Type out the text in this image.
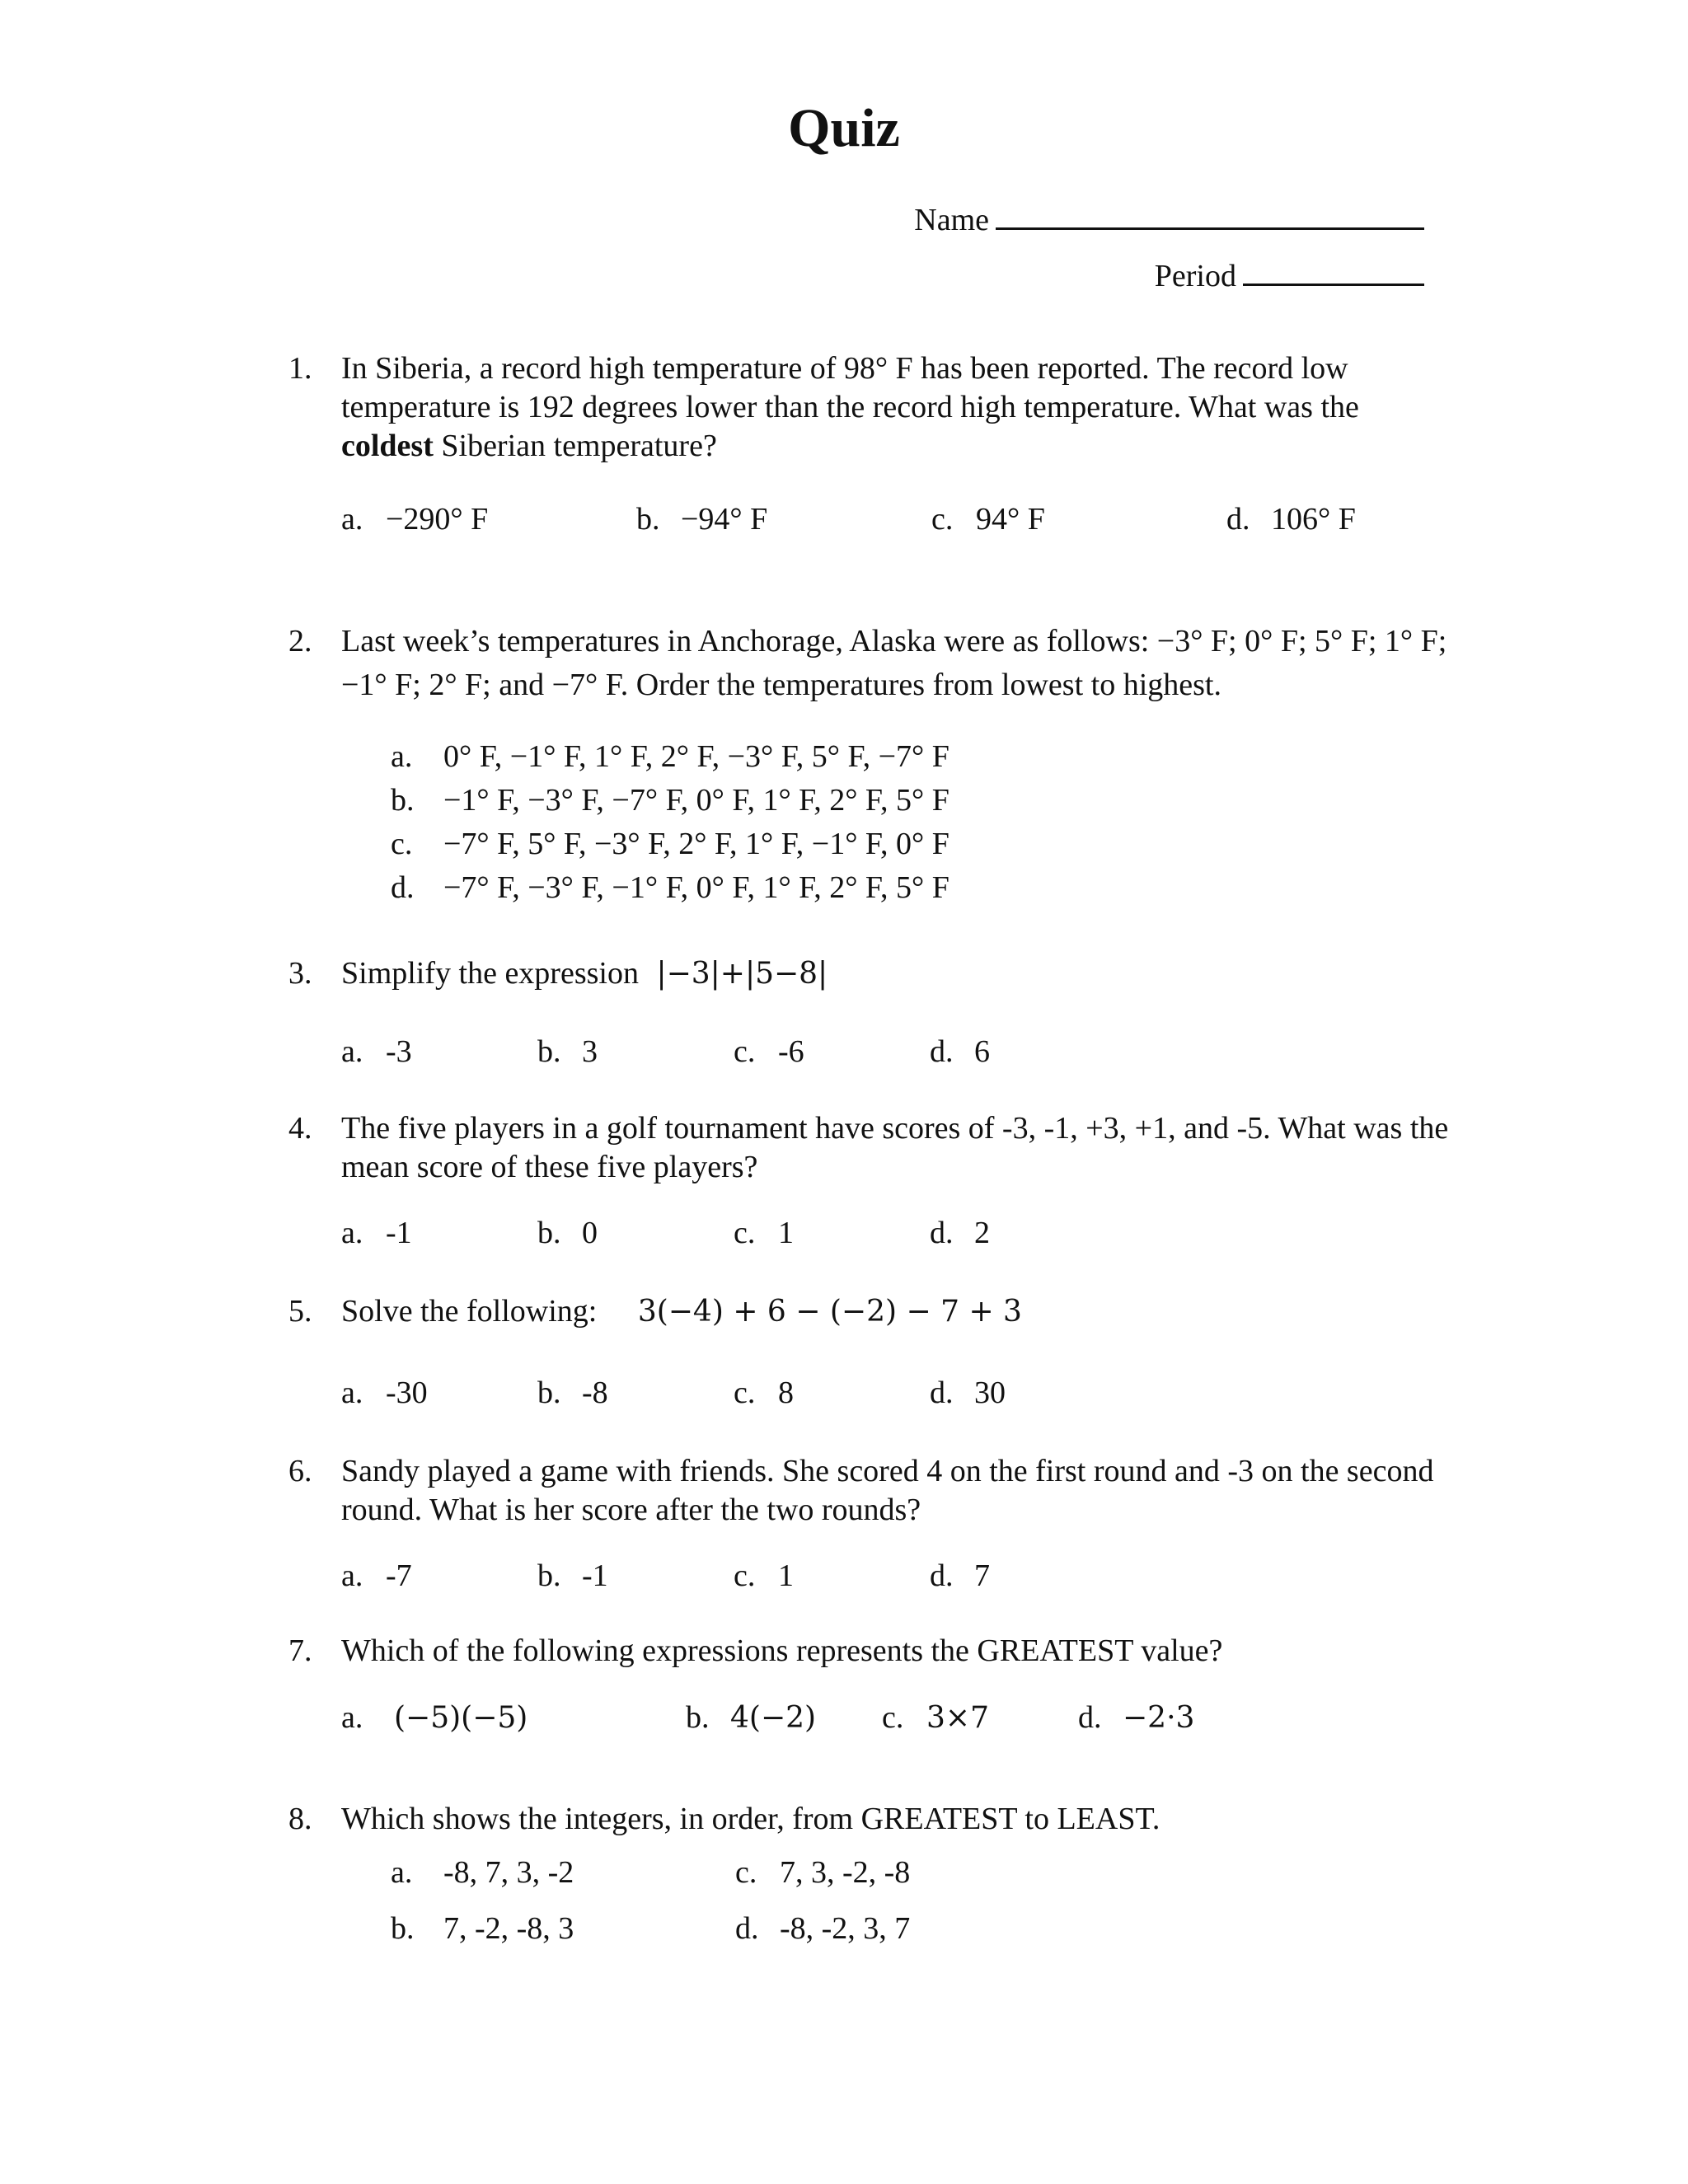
Quiz
Name
Period
1. In Siberia, a record high temperature of 98° F has been reported. The record low temperature is 192 degrees lower than the record high temperature. What was the coldest Siberian temperature?
a. −290° F	b. −94° F	c. 94° F	d. 106° F
2. Last week’s temperatures in Anchorage, Alaska were as follows: −3° F; 0° F; 5° F; 1° F; −1° F; 2° F; and −7° F. Order the temperatures from lowest to highest.
a. 0° F, −1° F, 1° F, 2° F, −3° F, 5° F, −7° F
b. −1° F, −3° F, −7° F, 0° F, 1° F, 2° F, 5° F
c. −7° F, 5° F, −3° F, 2° F, 1° F, −1° F, 0° F
d. −7° F, −3° F, −1° F, 0° F, 1° F, 2° F, 5° F
3. Simplify the expression |−3|+|5−8|
a. -3	b. 3	c. -6	d. 6
4. The five players in a golf tournament have scores of -3, -1, +3, +1, and -5. What was the mean score of these five players?
a. -1	b. 0	c. 1	d. 2
5. Solve the following: 3(−4) + 6 − (−2) − 7 + 3
a. -30	b. -8	c. 8	d. 30
6. Sandy played a game with friends. She scored 4 on the first round and -3 on the second round. What is her score after the two rounds?
a. -7	b. -1	c. 1	d. 7
7. Which of the following expressions represents the GREATEST value?
a. (−5)(−5)	b. 4(−2) c. 3×7	d. −2·3
8. Which shows the integers, in order, from GREATEST to LEAST.
a. -8, 7, 3, -2	c. 7, 3, -2, -8
b. 7, -2, -8, 3	d. -8, -2, 3, 7
